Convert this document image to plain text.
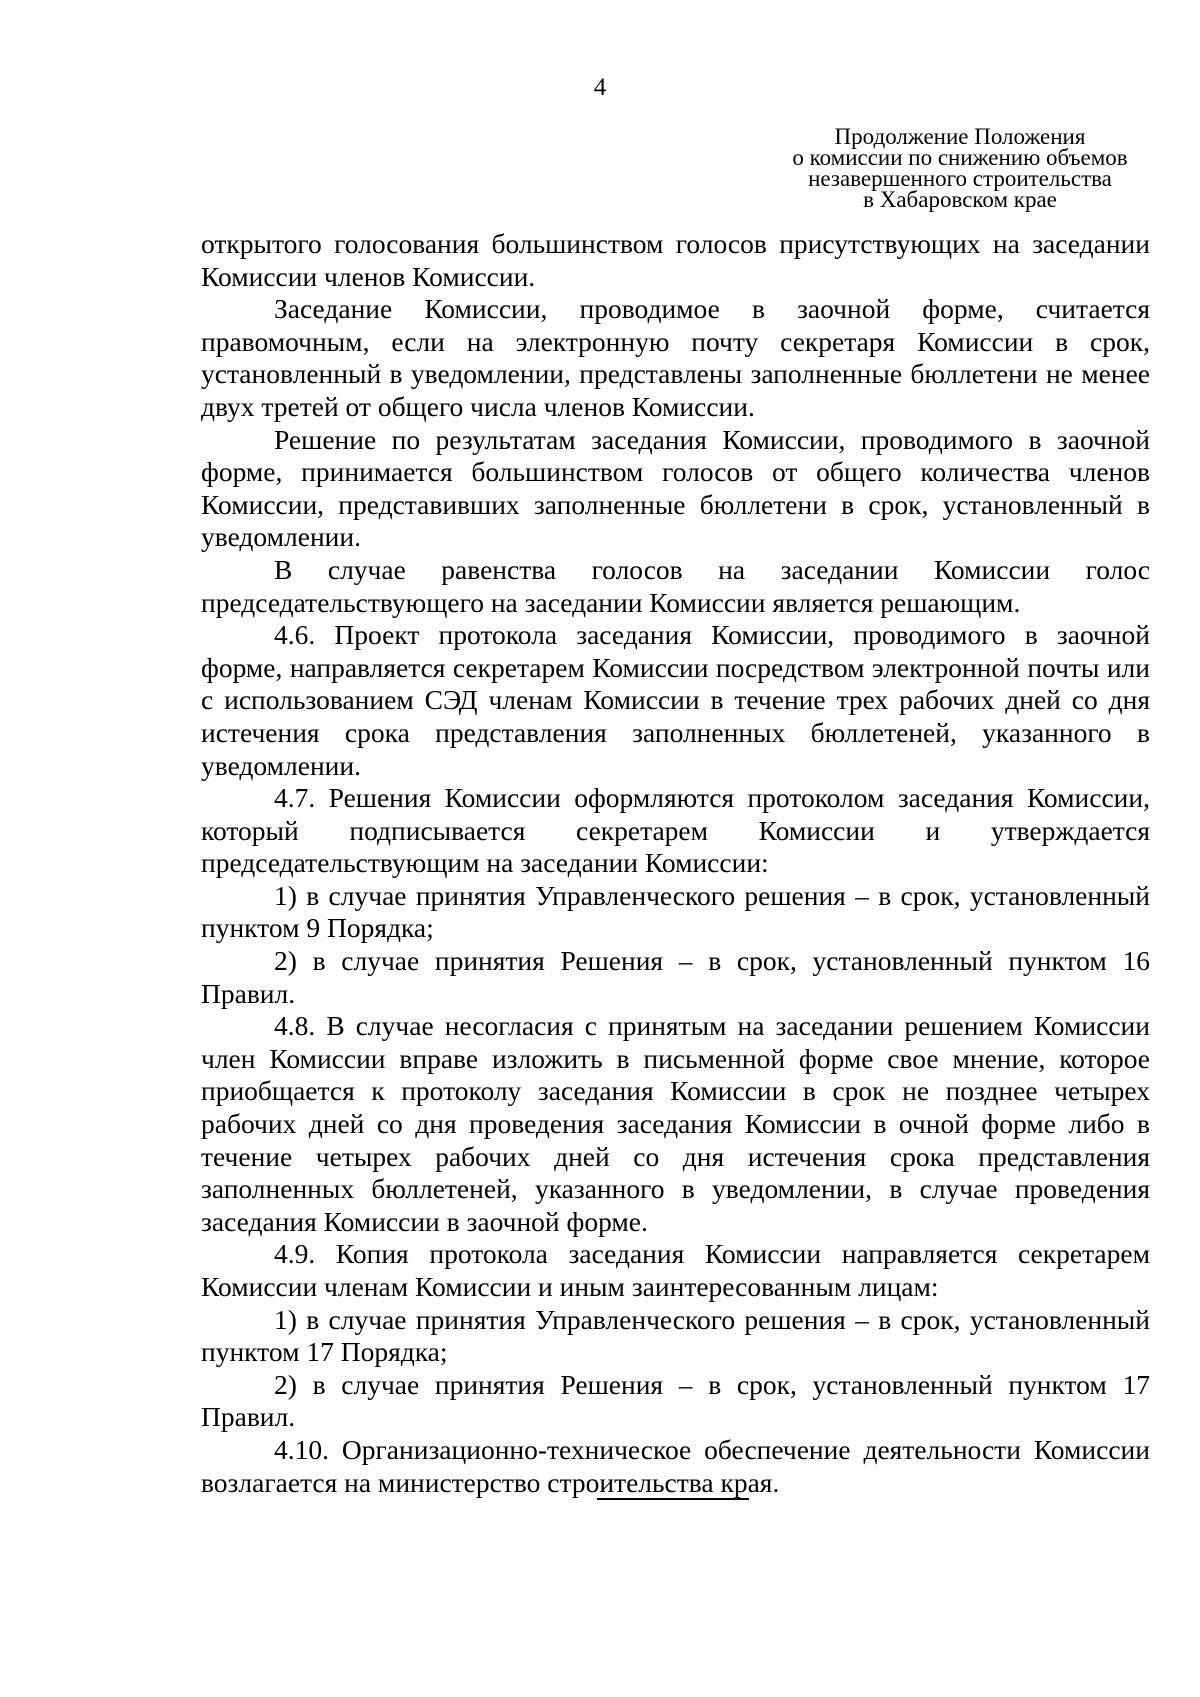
4
Продолжение Положения
о комиссии по снижению объемов
незавершенного строительства
в Хабаровском крае

открытого голосования большинством голосов присутствующих на заседании Комиссии членов Комиссии.

Заседание Комиссии, проводимое в заочной форме, считается правомочным, если на электронную почту секретаря Комиссии в срок, установленный в уведомлении, представлены заполненные бюллетени не менее двух третей от общего числа членов Комиссии.

Решение по результатам заседания Комиссии, проводимого в заочной форме, принимается большинством голосов от общего количества членов Комиссии, представивших заполненные бюллетени в срок, установленный в уведомлении.

В случае равенства голосов на заседании Комиссии голос председательствующего на заседании Комиссии является решающим.

4.6. Проект протокола заседания Комиссии, проводимого в заочной форме, направляется секретарем Комиссии посредством электронной почты или с использованием СЭД членам Комиссии в течение трех рабочих дней со дня истечения срока представления заполненных бюллетеней, указанного в уведомлении.

4.7. Решения Комиссии оформляются протоколом заседания Комиссии, который подписывается секретарем Комиссии и утверждается председательствующим на заседании Комиссии:

1) в случае принятия Управленческого решения – в срок, установленный пунктом 9 Порядка;

2) в случае принятия Решения – в срок, установленный пунктом 16 Правил.

4.8. В случае несогласия с принятым на заседании решением Комиссии член Комиссии вправе изложить в письменной форме свое мнение, которое приобщается к протоколу заседания Комиссии в срок не позднее четырех рабочих дней со дня проведения заседания Комиссии в очной форме либо в течение четырех рабочих дней со дня истечения срока представления заполненных бюллетеней, указанного в уведомлении, в случае проведения заседания Комиссии в заочной форме.

4.9. Копия протокола заседания Комиссии направляется секретарем Комиссии членам Комиссии и иным заинтересованным лицам:

1) в случае принятия Управленческого решения – в срок, установленный пунктом 17 Порядка;

2) в случае принятия Решения – в срок, установленный пунктом 17 Правил.

4.10. Организационно-техническое обеспечение деятельности Комиссии возлагается на министерство строительства края.
